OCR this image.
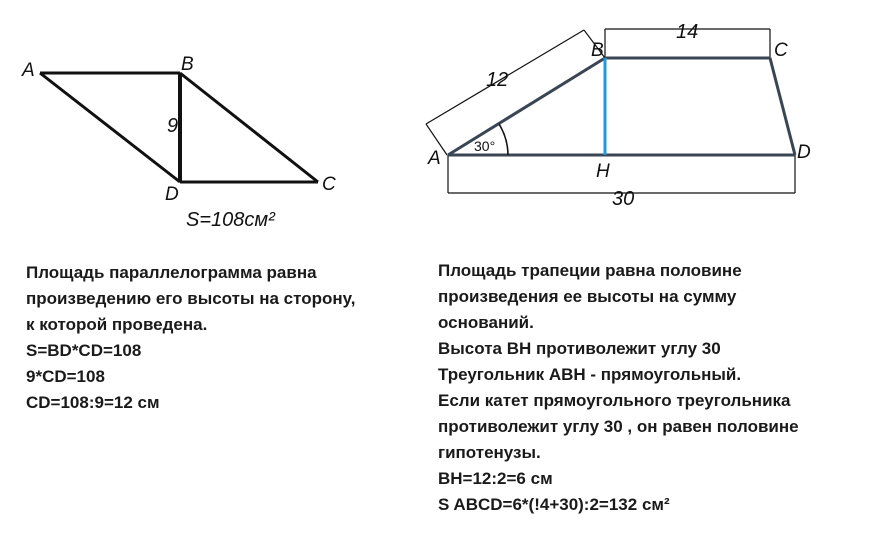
A	B
C
D
9
S=108см²
A
B	C
D
H
12
14
30
30°
Площадь параллелограмма равна
произведению его высоты на сторону,
к которой проведена.
S=BD*CD=108
9*CD=108
CD=108:9=12 см
Площадь трапеции равна половине
произведения ее высоты на сумму
оснований.
Высота ВН противолежит углу 30
Треугольник АВН - прямоугольный.
Если катет прямоугольного треугольника
противолежит углу 30 , он равен половине
гипотенузы.
ВН=12:2=6 см
S ABCD=6*(!4+30):2=132 см²
